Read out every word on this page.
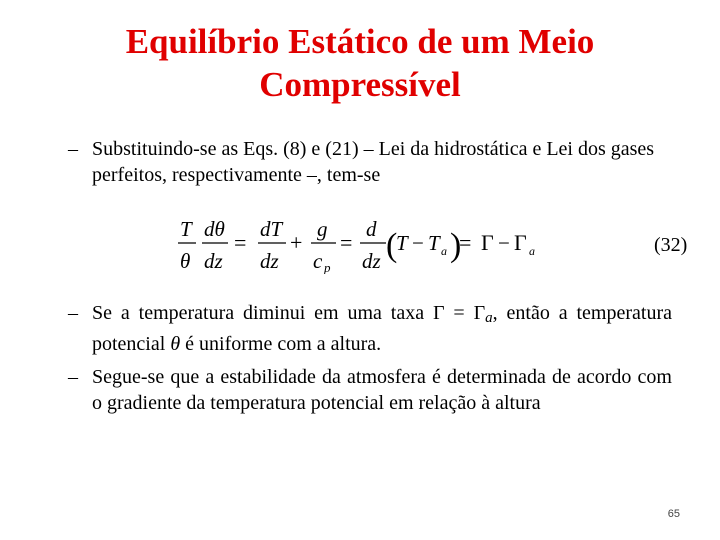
Equilíbrio Estático de um Meio
Compressível
– Substituindo-se as Eqs. (8) e (21) – Lei da hidrostática e Lei dos gases perfeitos, respectivamente –, tem-se
T dθ
θ dz
=
dT
dz
+
g
c p
=
d
dz (
T − T a )
= Γ − Γ a	(32)
– Se a temperatura diminui em uma taxa Γ = Γa, então a temperatura potencial θ é uniforme com a altura.
– Segue-se que a estabilidade da atmosfera é determinada de acordo com o gradiente da temperatura potencial em relação à altura
65
